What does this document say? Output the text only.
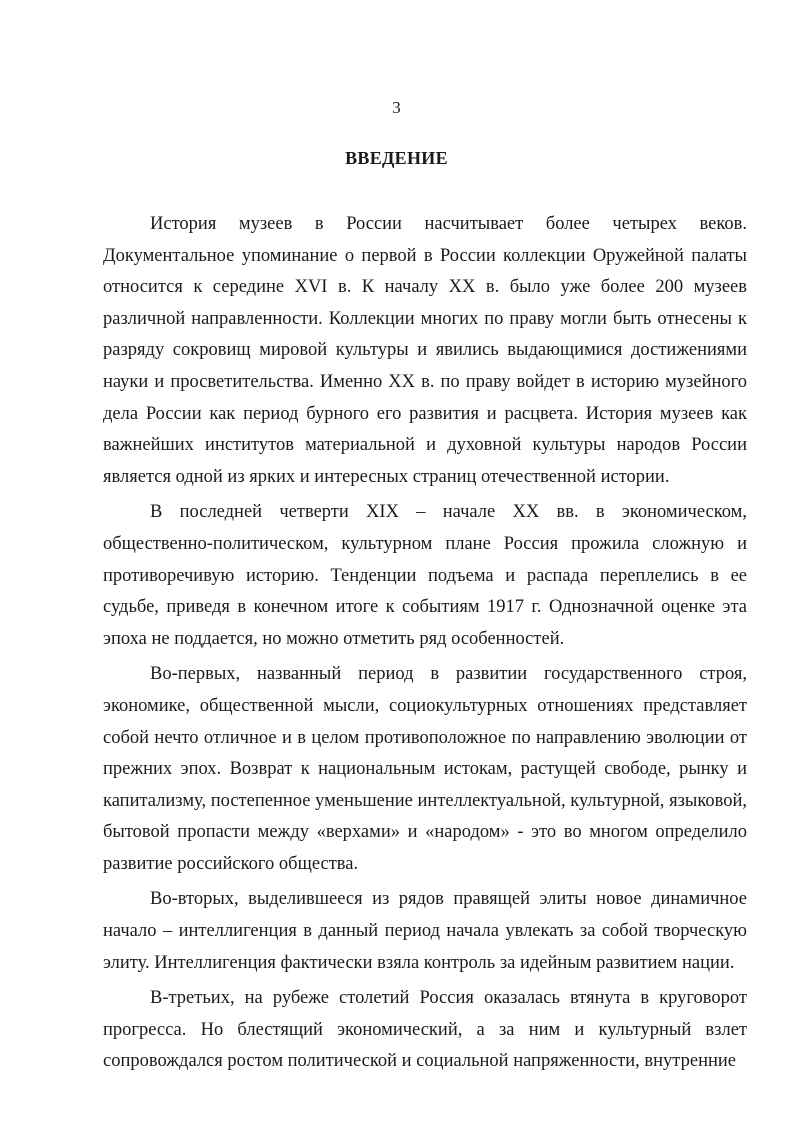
3
ВВЕДЕНИЕ

История музеев в России насчитывает более четырех веков. Документальное упоминание о первой в России коллекции Оружейной палаты относится к середине XVI в. К началу XX в. было уже более 200 музеев различной направленности. Коллекции многих по праву могли быть отнесены к разряду сокровищ мировой культуры и явились выдающимися достижениями науки и просветительства. Именно XX в. по праву войдет в историю музейного дела России как период бурного его развития и расцвета. История музеев как важнейших институтов материальной и духовной культуры народов России является одной из ярких и интересных страниц отечественной истории.

В последней четверти XIX – начале XX вв. в экономическом, общественно-политическом, культурном плане Россия прожила сложную и противоречивую историю. Тенденции подъема и распада переплелись в ее судьбе, приведя в конечном итоге к событиям 1917 г. Однозначной оценке эта эпоха не поддается, но можно отметить ряд особенностей.

Во-первых, названный период в развитии государственного строя, экономике, общественной мысли, социокультурных отношениях представляет собой нечто отличное и в целом противоположное по направлению эволюции от прежних эпох. Возврат к национальным истокам, растущей свободе, рынку и капитализму, постепенное уменьшение интеллектуальной, культурной, языковой, бытовой пропасти между «верхами» и «народом» - это во многом определило развитие российского общества.

Во-вторых, выделившееся из рядов правящей элиты новое динамичное начало – интеллигенция в данный период начала увлекать за собой творческую элиту. Интеллигенция фактически взяла контроль за идейным развитием нации.

В-третьих, на рубеже столетий Россия оказалась втянута в круговорот прогресса. Но блестящий экономический, а за ним и культурный взлет сопровождался ростом политической и социальной напряженности, внутренние
